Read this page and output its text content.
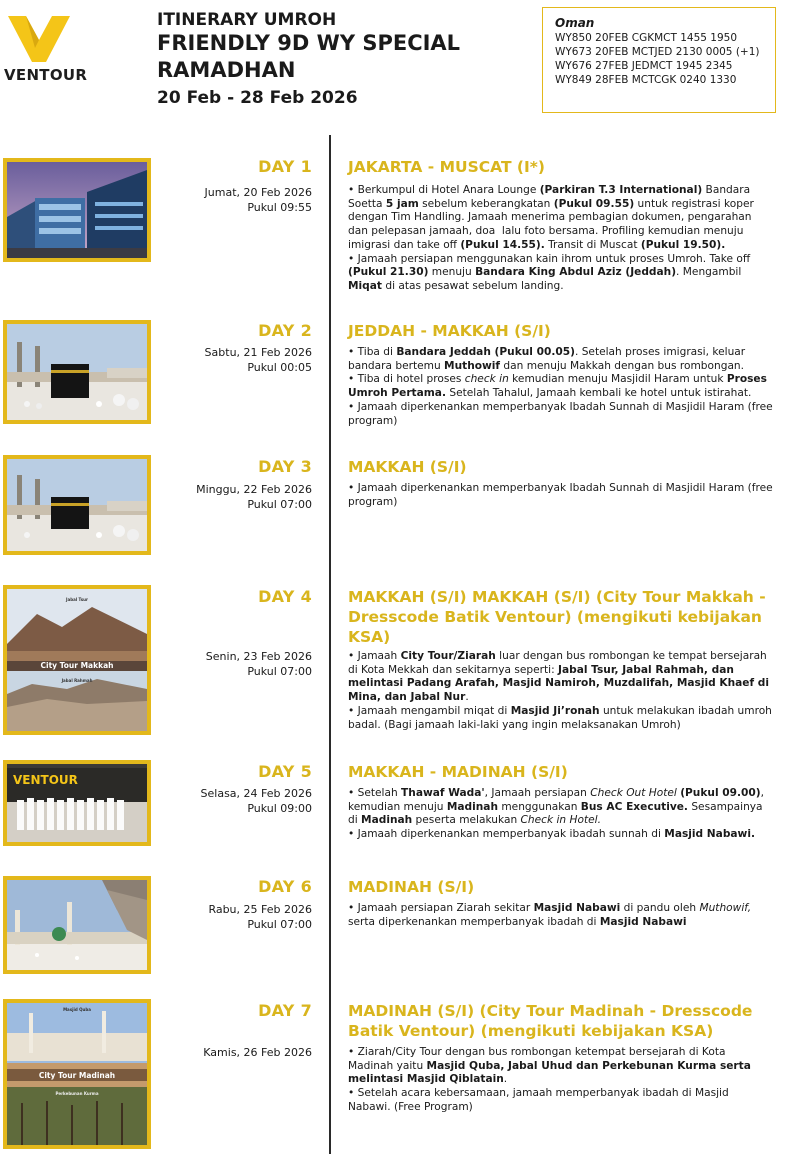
VENTOUR
ITINERARY UMROH
FRIENDLY 9D WY SPECIAL RAMADHAN
20 Feb - 28 Feb 2026
Oman
WY850 20FEB CGKMCT 1455 1950
WY673 20FEB MCTJED 2130 0005 (+1)
WY676 27FEB JEDMCT 1945 2345
WY849 28FEB MCTCGK 0240 1330
DAY 1
Jumat, 20 Feb 2026
Pukul 09:55
JAKARTA - MUSCAT (I*)

• Berkumpul di Hotel Anara Lounge (Parkiran T.3 International) Bandara Soetta 5 jam sebelum keberangkatan (Pukul 09.55) untuk registrasi koper dengan Tim Handling. Jamaah menerima pembagian dokumen, pengarahan dan pelepasan jamaah, doa  lalu foto bersama. Profiling kemudian menuju imigrasi dan take off (Pukul 14.55). Transit di Muscat (Pukul 19.50).

• Jamaah persiapan menggunakan kain ihrom untuk proses Umroh. Take off (Pukul 21.30) menuju Bandara King Abdul Aziz (Jeddah). Mengambil Miqat di atas pesawat sebelum landing.

DAY 2
Sabtu, 21 Feb 2026
Pukul 00:05
JEDDAH - MAKKAH (S/I)

• Tiba di Bandara Jeddah (Pukul 00.05). Setelah proses imigrasi, keluar bandara bertemu Muthowif dan menuju Makkah dengan bus rombongan.

• Tiba di hotel proses check in kemudian menuju Masjidil Haram untuk Proses Umroh Pertama. Setelah Tahalul, Jamaah kembali ke hotel untuk istirahat.

• Jamaah diperkenankan memperbanyak Ibadah Sunnah di Masjidil Haram (free program)

DAY 3
Minggu, 22 Feb 2026
Pukul 07:00
MAKKAH (S/I)

• Jamaah diperkenankan memperbanyak Ibadah Sunnah di Masjidil Haram (free program)

City Tour Makkah
Jabal Tsur
Jabal Rahmah
DAY 4
Senin, 23 Feb 2026
Pukul 07:00
MAKKAH (S/I) MAKKAH (S/I) (City Tour Makkah - Dresscode Batik Ventour) (mengikuti kebijakan KSA)

• Jamaah City Tour/Ziarah luar dengan bus rombongan ke tempat bersejarah di Kota Mekkah dan sekitarnya seperti: Jabal Tsur, Jabal Rahmah, dan melintasi Padang Arafah, Masjid Namiroh, Muzdalifah, Masjid Khaef di Mina, dan Jabal Nur.

• Jamaah mengambil miqat di Masjid Ji’ronah untuk melakukan ibadah umroh badal. (Bagi jamaah laki-laki yang ingin melaksanakan Umroh)

VENTOUR	DAY 5
Selasa, 24 Feb 2026
Pukul 09:00
MAKKAH - MADINAH (S/I)

• Setelah Thawaf Wada', Jamaah persiapan Check Out Hotel (Pukul 09.00), kemudian menuju Madinah menggunakan Bus AC Executive. Sesampainya di Madinah peserta melakukan Check in Hotel.

• Jamaah diperkenankan memperbanyak ibadah sunnah di Masjid Nabawi.

DAY 6
Rabu, 25 Feb 2026
Pukul 07:00
MADINAH (S/I)

• Jamaah persiapan Ziarah sekitar Masjid Nabawi di pandu oleh Muthowif, serta diperkenankan memperbanyak ibadah di Masjid Nabawi

City Tour Madinah
Masjid Quba
Perkebunan Kurma
DAY 7
Kamis, 26 Feb 2026
MADINAH (S/I) (City Tour Madinah - Dresscode Batik Ventour) (mengikuti kebijakan KSA)

• Ziarah/City Tour dengan bus rombongan ketempat bersejarah di Kota Madinah yaitu Masjid Quba, Jabal Uhud dan Perkebunan Kurma serta melintasi Masjid Qiblatain.

• Setelah acara kebersamaan, jamaah memperbanyak ibadah di Masjid Nabawi. (Free Program)
